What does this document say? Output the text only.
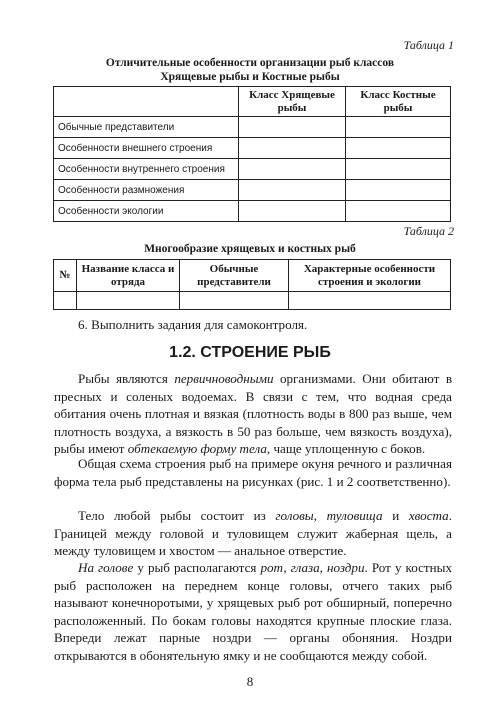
Таблица 1
Отличительные особенности организации рыб классов
Хрящевые рыбы и Костные рыбы
	Класс Хрящевые рыбы	Класс Костные рыбы
Обычные представители		
Особенности внешнего строения		
Особенности внутреннего строения		
Особенности размножения		
Особенности экологии		
Таблица 2
Многообразие хрящевых и костных рыб
№	Название класса и отряда	Обычные представители	Характерные особенности строения и экологии

6. Выполнить задания для самоконтроля.

1.2. СТРОЕНИЕ РЫБ

Рыбы являются первичноводными организмами. Они обитают в пресных и соленых водоемах. В связи с тем, что водная среда обитания очень плотная и вязкая (плотность воды в 800 раз выше, чем плотность воздуха, а вязкость в 50 раз больше, чем вязкость воздуха), рыбы имеют обтекаемую форму тела, чаще уплощенную с боков.

Общая схема строения рыб на примере окуня речного и различная форма тела рыб представлены на рисунках (рис. 1 и 2 соответственно).

Тело любой рыбы состоит из головы, туловища и хвоста. Границей между головой и туловищем служит жаберная щель, а между туловищем и хвостом — анальное отверстие.

На голове у рыб располагаются рот, глаза, ноздри. Рот у костных рыб расположен на переднем конце головы, отчего таких рыб называют конечноротыми, у хрящевых рыб рот обширный, поперечно расположенный. По бокам головы находятся крупные плоские глаза. Впереди лежат парные ноздри — органы обоняния. Ноздри открываются в обонятельную ямку и не сообщаются между собой.

8
